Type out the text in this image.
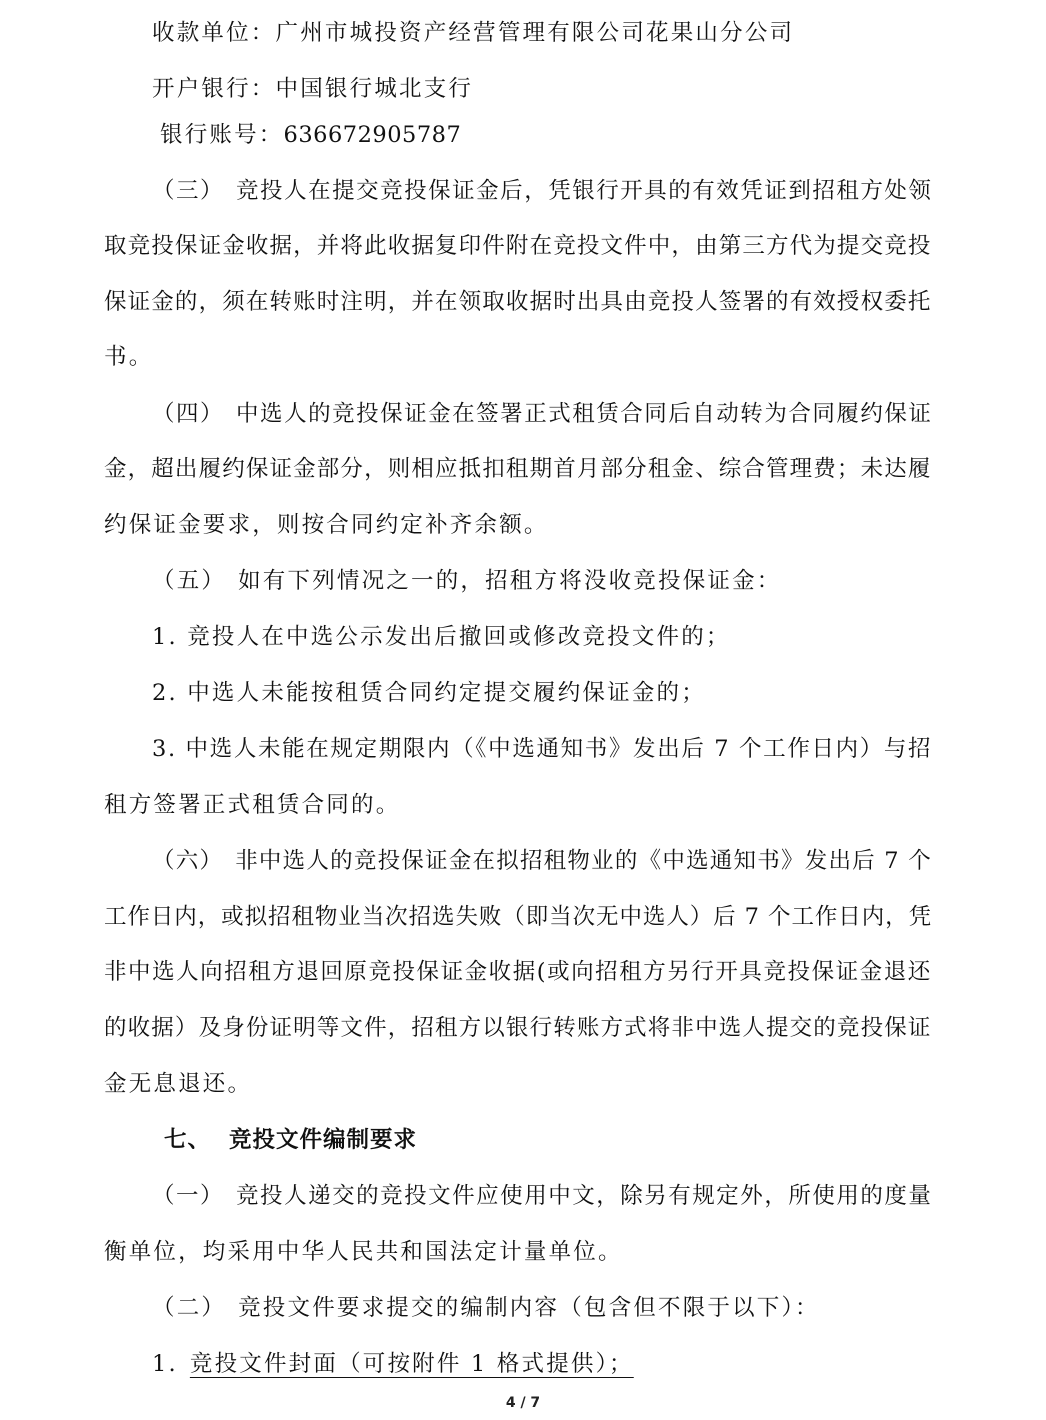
收款单位：广州市城投资产经营管理有限公司花果山分公司
开户银行：中国银行城北支行
银行账号：636672905787
（三） 竞投人在提交竞投保证金后，凭银行开具的有效凭证到招租方处领
取竞投保证金收据，并将此收据复印件附在竞投文件中，由第三方代为提交竞投
保证金的，须在转账时注明，并在领取收据时出具由竞投人签署的有效授权委托
书。
（四） 中选人的竞投保证金在签署正式租赁合同后自动转为合同履约保证
金，超出履约保证金部分，则相应抵扣租期首月部分租金、综合管理费；未达履
约保证金要求，则按合同约定补齐余额。
（五） 如有下列情况之一的，招租方将没收竞投保证金：
1. 竞投人在中选公示发出后撤回或修改竞投文件的；
2. 中选人未能按租赁合同约定提交履约保证金的；
3. 中选人未能在规定期限内（《中选通知书》发出后 7 个工作日内）与招
租方签署正式租赁合同的。
（六） 非中选人的竞投保证金在拟招租物业的《中选通知书》发出后 7 个
工作日内，或拟招租物业当次招选失败（即当次无中选人）后 7 个工作日内，凭
非中选人向招租方退回原竞投保证金收据(或向招租方另行开具竞投保证金退还
的收据）及身份证明等文件，招租方以银行转账方式将非中选人提交的竞投保证
金无息退还。
七、 竞投文件编制要求
（一） 竞投人递交的竞投文件应使用中文，除另有规定外，所使用的度量
衡单位，均采用中华人民共和国法定计量单位。
（二） 竞投文件要求提交的编制内容（包含但不限于以下）：
1. 竞投文件封面（可按附件 1 格式提供）；
4 / 7
